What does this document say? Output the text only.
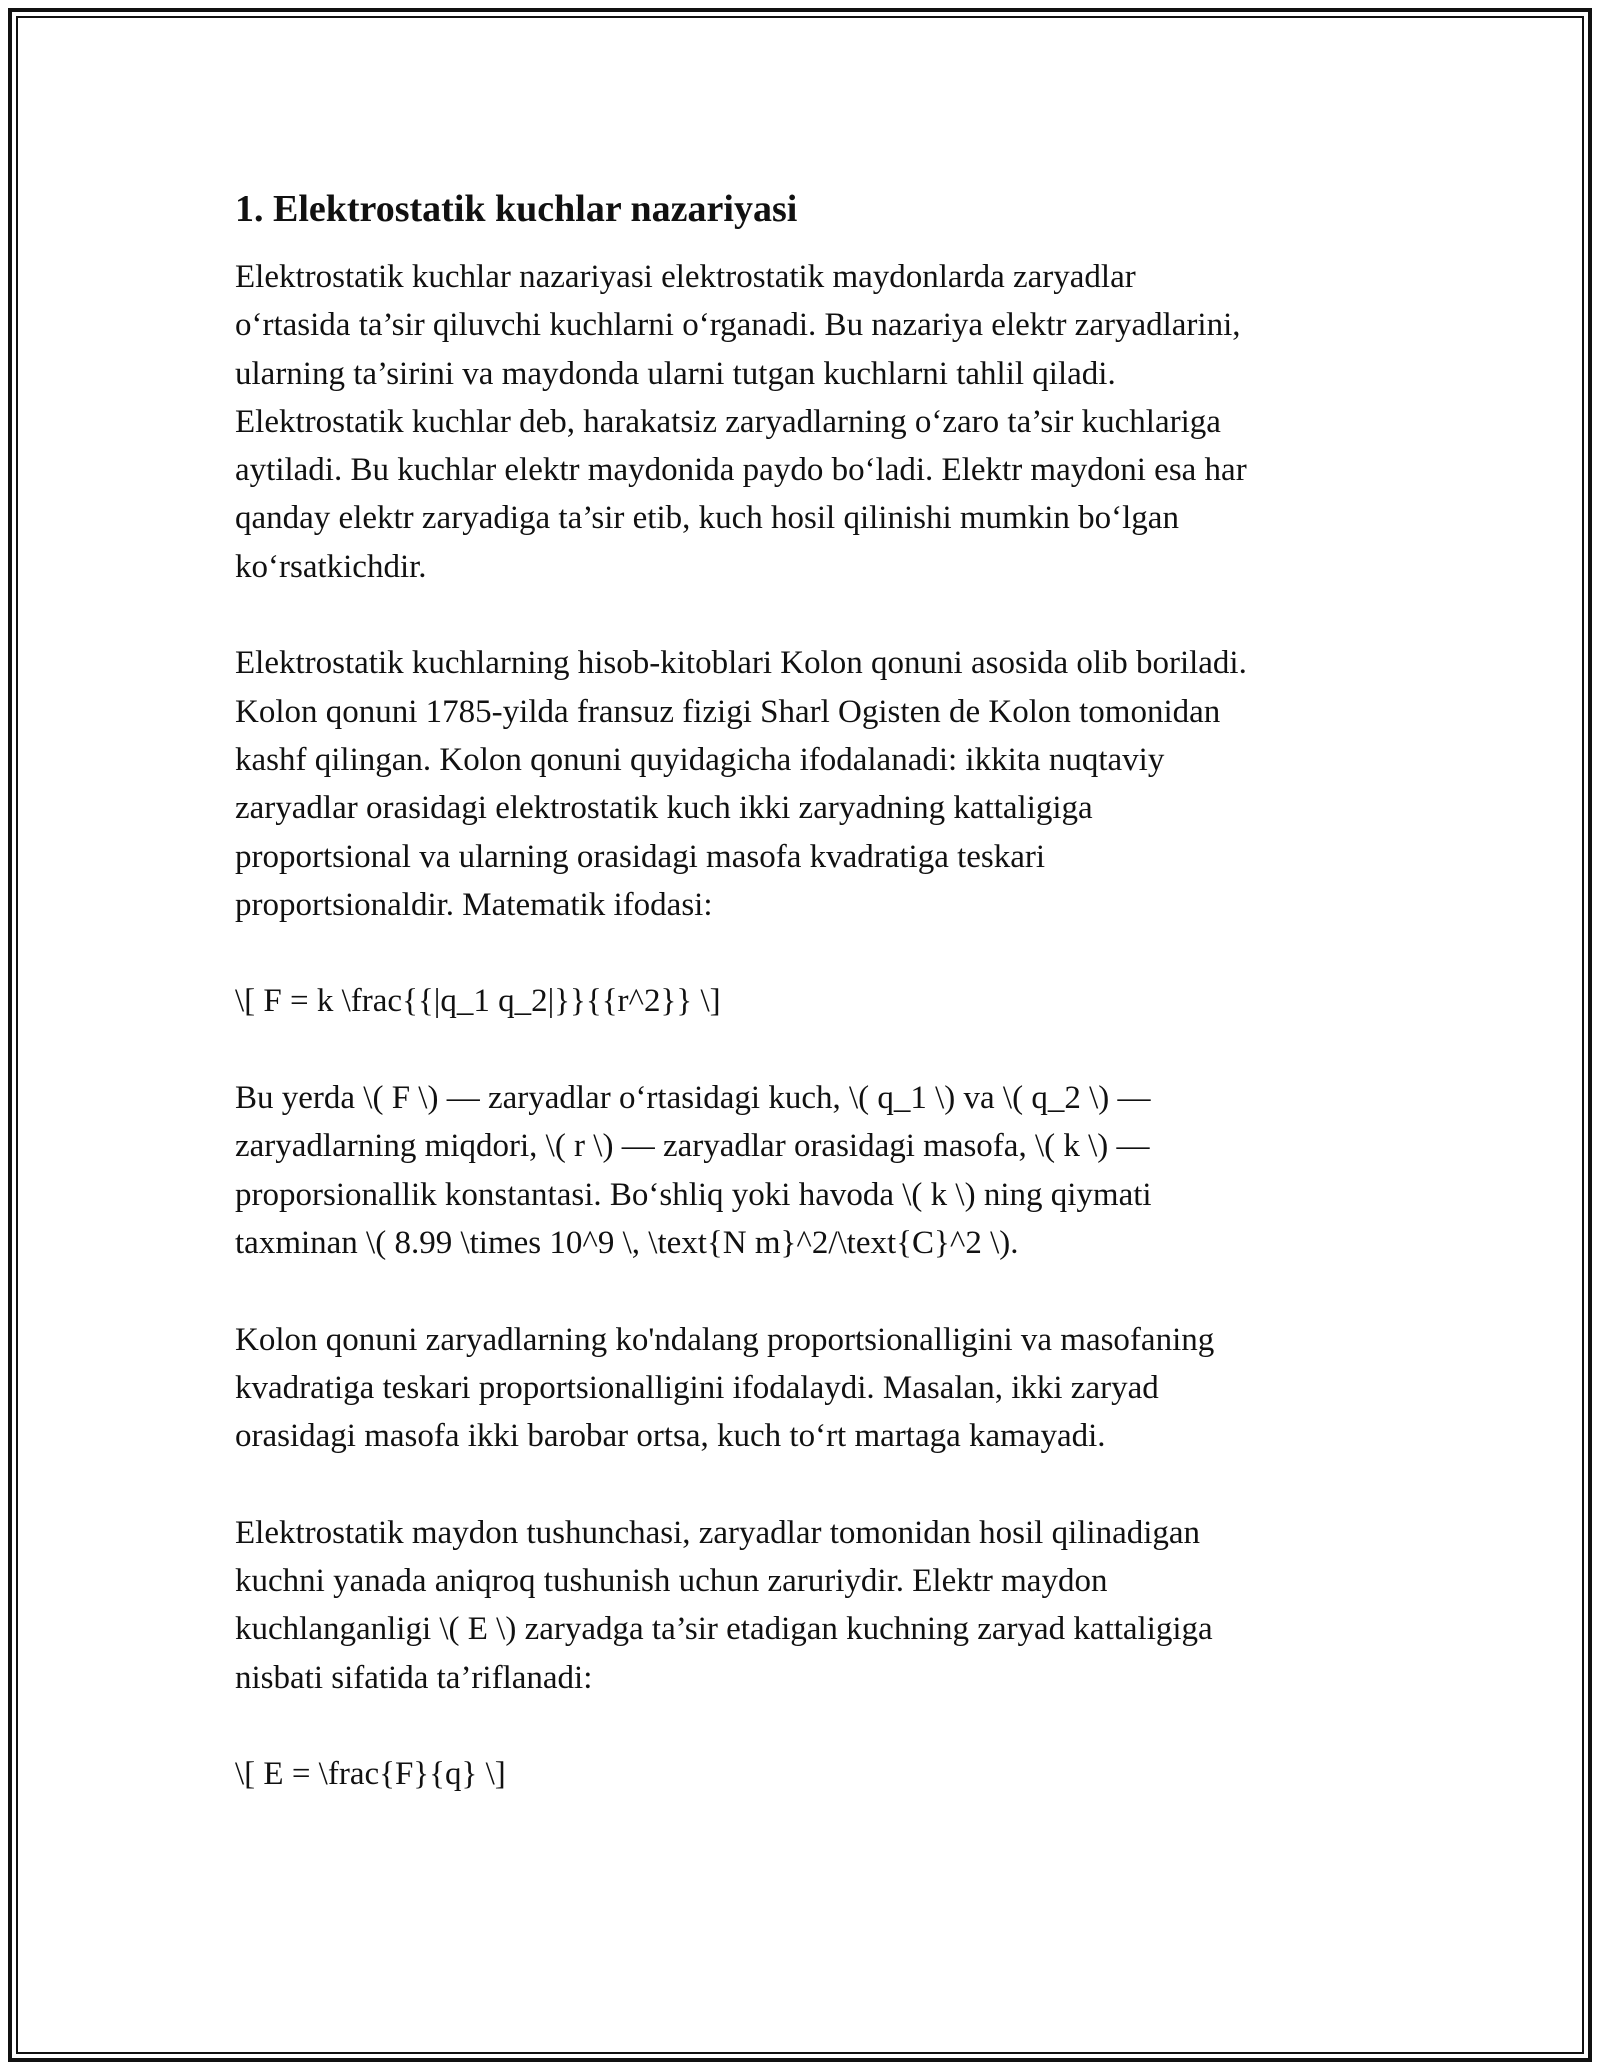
1. Elektrostatik kuchlar nazariyasi

Elektrostatik kuchlar nazariyasi elektrostatik maydonlarda zaryadlar
o‘rtasida ta’sir qiluvchi kuchlarni o‘rganadi. Bu nazariya elektr zaryadlarini,
ularning ta’sirini va maydonda ularni tutgan kuchlarni tahlil qiladi.
Elektrostatik kuchlar deb, harakatsiz zaryadlarning o‘zaro ta’sir kuchlariga
aytiladi. Bu kuchlar elektr maydonida paydo bo‘ladi. Elektr maydoni esa har
qanday elektr zaryadiga ta’sir etib, kuch hosil qilinishi mumkin bo‘lgan
ko‘rsatkichdir.

Elektrostatik kuchlarning hisob-kitoblari Kolon qonuni asosida olib boriladi.
Kolon qonuni 1785-yilda fransuz fizigi Sharl Ogisten de Kolon tomonidan
kashf qilingan. Kolon qonuni quyidagicha ifodalanadi: ikkita nuqtaviy
zaryadlar orasidagi elektrostatik kuch ikki zaryadning kattaligiga
proportsional va ularning orasidagi masofa kvadratiga teskari
proportsionaldir. Matematik ifodasi:

\[ F = k \frac{{|q_1 q_2|}}{{r^2}} \]

Bu yerda \( F \) — zaryadlar o‘rtasidagi kuch, \( q_1 \) va \( q_2 \) —
zaryadlarning miqdori, \( r \) — zaryadlar orasidagi masofa, \( k \) —
proporsionallik konstantasi. Bo‘shliq yoki havoda \( k \) ning qiymati
taxminan \( 8.99 \times 10^9 \, \text{N m}^2/\text{C}^2 \).

Kolon qonuni zaryadlarning ko'ndalang proportsionalligini va masofaning
kvadratiga teskari proportsionalligini ifodalaydi. Masalan, ikki zaryad
orasidagi masofa ikki barobar ortsa, kuch to‘rt martaga kamayadi.

Elektrostatik maydon tushunchasi, zaryadlar tomonidan hosil qilinadigan
kuchni yanada aniqroq tushunish uchun zaruriydir. Elektr maydon
kuchlanganligi \( E \) zaryadga ta’sir etadigan kuchning zaryad kattaligiga
nisbati sifatida ta’riflanadi:

\[ E = \frac{F}{q} \]
